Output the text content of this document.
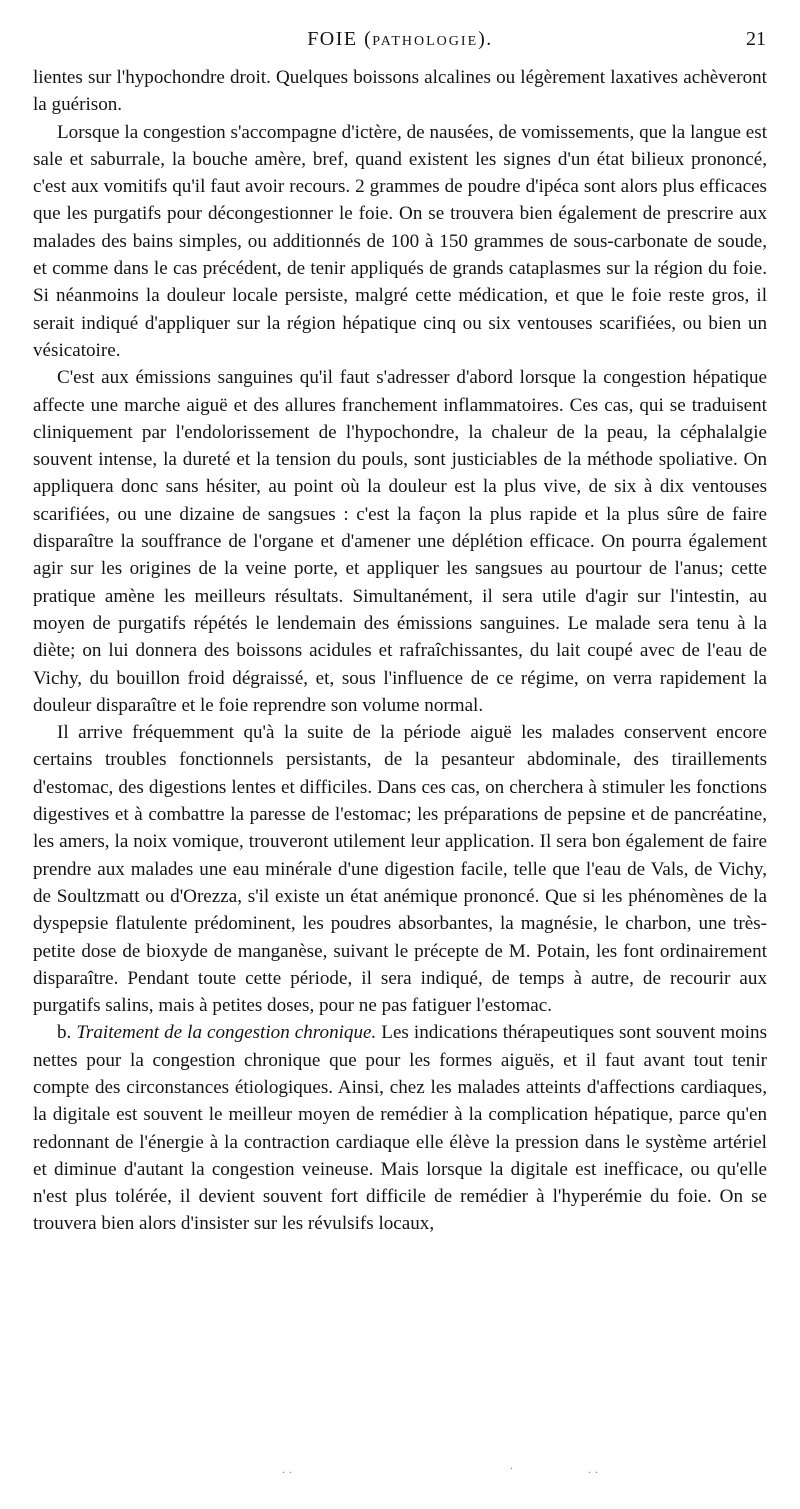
FOIE (PATHOLOGIE).	21

lientes sur l'hypochondre droit. Quelques boissons alcalines ou légèrement laxatives achèveront la guérison.

Lorsque la congestion s'accompagne d'ictère, de nausées, de vomissements, que la langue est sale et saburrale, la bouche amère, bref, quand existent les signes d'un état bilieux prononcé, c'est aux vomitifs qu'il faut avoir recours. 2 grammes de poudre d'ipéca sont alors plus efficaces que les purgatifs pour décongestionner le foie. On se trouvera bien également de prescrire aux malades des bains simples, ou additionnés de 100 à 150 grammes de sous-carbonate de soude, et comme dans le cas précédent, de tenir appliqués de grands cataplasmes sur la région du foie. Si néanmoins la douleur locale persiste, malgré cette médication, et que le foie reste gros, il serait indiqué d'appliquer sur la région hépatique cinq ou six ventouses scarifiées, ou bien un vésicatoire.

C'est aux émissions sanguines qu'il faut s'adresser d'abord lorsque la congestion hépatique affecte une marche aiguë et des allures franchement inflammatoires. Ces cas, qui se traduisent cliniquement par l'endolorissement de l'hypochondre, la chaleur de la peau, la céphalalgie souvent intense, la dureté et la tension du pouls, sont justiciables de la méthode spoliative. On appliquera donc sans hésiter, au point où la douleur est la plus vive, de six à dix ventouses scarifiées, ou une dizaine de sangsues : c'est la façon la plus rapide et la plus sûre de faire disparaître la souffrance de l'organe et d'amener une déplétion efficace. On pourra également agir sur les origines de la veine porte, et appliquer les sangsues au pourtour de l'anus; cette pratique amène les meilleurs résultats. Simultanément, il sera utile d'agir sur l'intestin, au moyen de purgatifs répétés le lendemain des émissions sanguines. Le malade sera tenu à la diète; on lui donnera des boissons acidules et rafraîchissantes, du lait coupé avec de l'eau de Vichy, du bouillon froid dégraissé, et, sous l'influence de ce régime, on verra rapidement la douleur disparaître et le foie reprendre son volume normal.

Il arrive fréquemment qu'à la suite de la période aiguë les malades conservent encore certains troubles fonctionnels persistants, de la pesanteur abdominale, des tiraillements d'estomac, des digestions lentes et difficiles. Dans ces cas, on cherchera à stimuler les fonctions digestives et à combattre la paresse de l'estomac; les préparations de pepsine et de pancréatine, les amers, la noix vomique, trouveront utilement leur application. Il sera bon également de faire prendre aux malades une eau minérale d'une digestion facile, telle que l'eau de Vals, de Vichy, de Soultzmatt ou d'Orezza, s'il existe un état anémique prononcé. Que si les phénomènes de la dyspepsie flatulente prédominent, les poudres absorbantes, la magnésie, le charbon, une très-petite dose de bioxyde de manganèse, suivant le précepte de M. Potain, les font ordinairement disparaître. Pendant toute cette période, il sera indiqué, de temps à autre, de recourir aux purgatifs salins, mais à petites doses, pour ne pas fatiguer l'estomac.

b. Traitement de la congestion chronique. Les indications thérapeutiques sont souvent moins nettes pour la congestion chronique que pour les formes aiguës, et il faut avant tout tenir compte des circonstances étiologiques. Ainsi, chez les malades atteints d'affections cardiaques, la digitale est souvent le meilleur moyen de remédier à la complication hépatique, parce qu'en redonnant de l'énergie à la contraction cardiaque elle élève la pression dans le système artériel et diminue d'autant la congestion veineuse. Mais lorsque la digitale est inefficace, ou qu'elle n'est plus tolérée, il devient souvent fort difficile de remédier à l'hyperémie du foie. On se trouvera bien alors d'insister sur les révulsifs locaux,

..	.	..
